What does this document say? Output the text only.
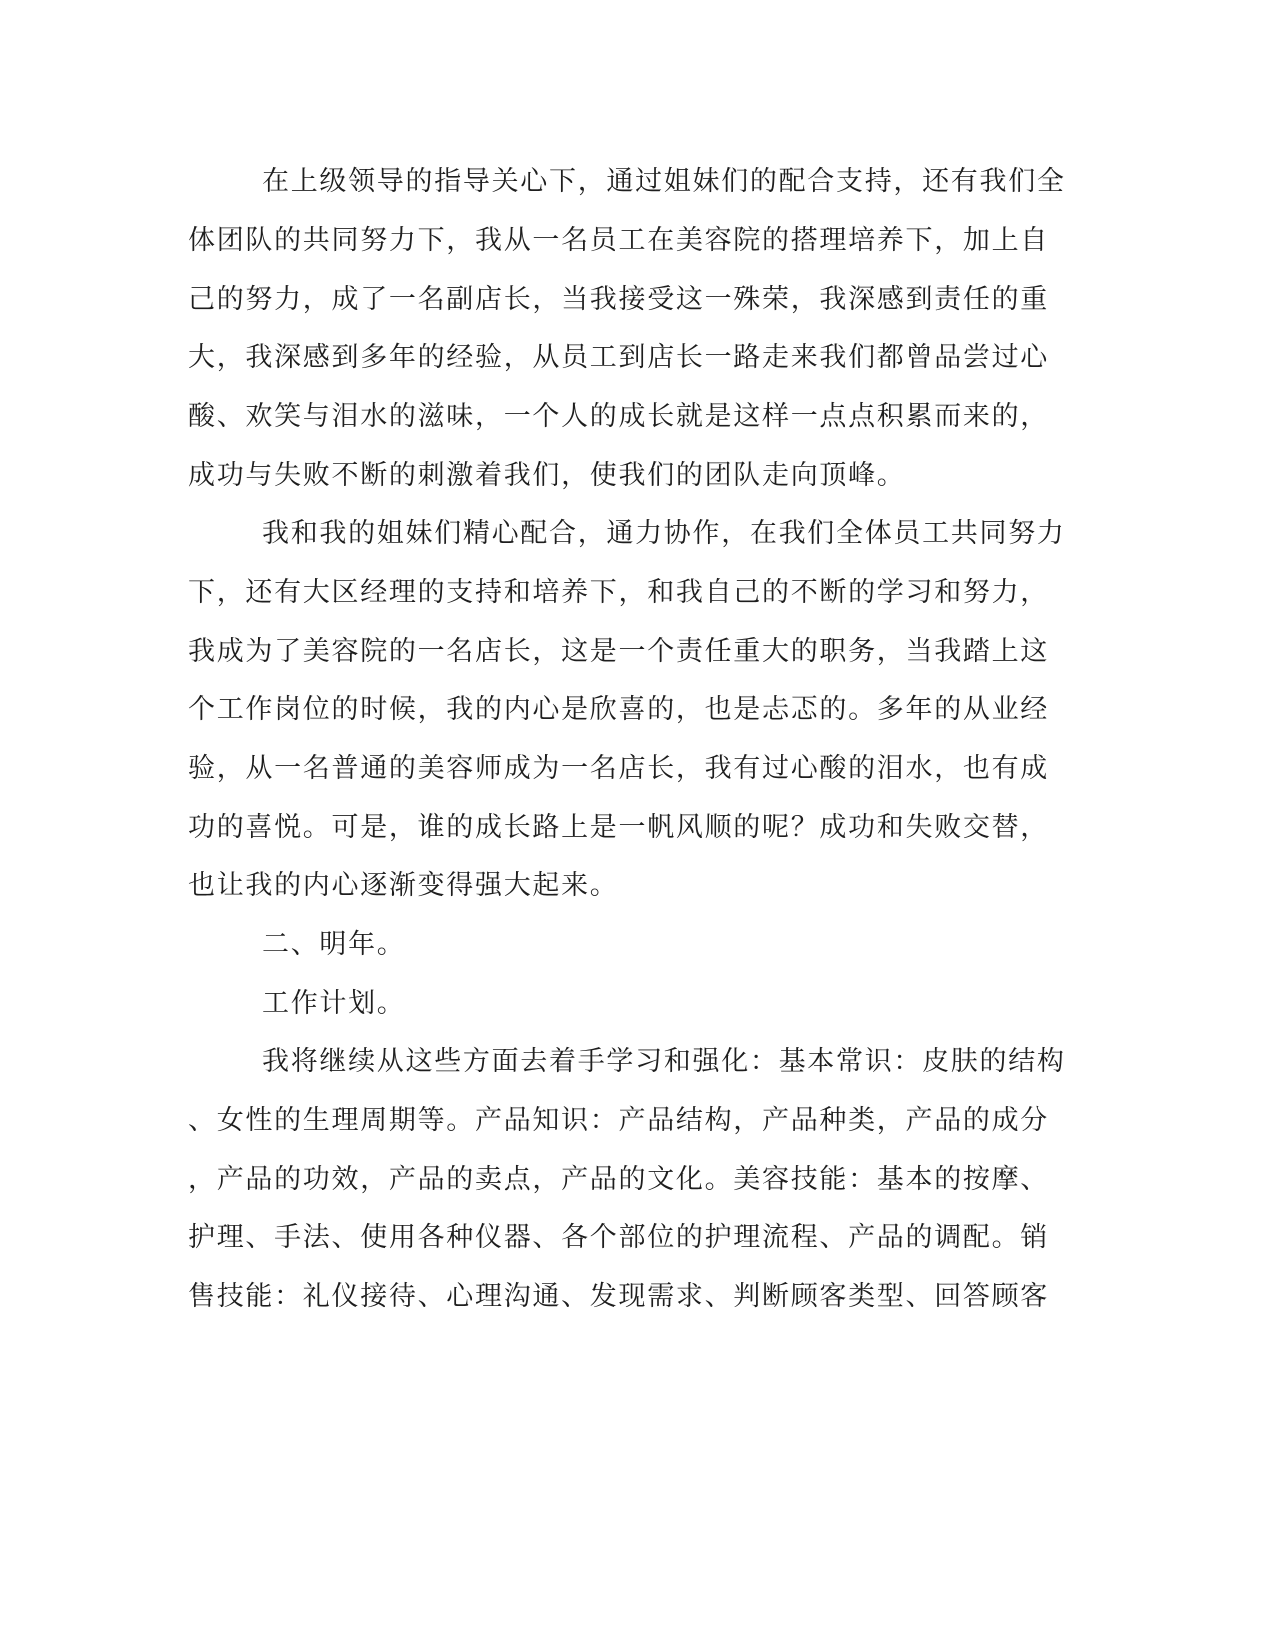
在上级领导的指导关心下，通过姐妹们的配合支持，还有我们全
体团队的共同努力下，我从一名员工在美容院的搭理培养下，加上自
己的努力，成了一名副店长，当我接受这一殊荣，我深感到责任的重
大，我深感到多年的经验，从员工到店长一路走来我们都曾品尝过心
酸、欢笑与泪水的滋味，一个人的成长就是这样一点点积累而来的，
成功与失败不断的刺激着我们，使我们的团队走向顶峰。
我和我的姐妹们精心配合，通力协作，在我们全体员工共同努力
下，还有大区经理的支持和培养下，和我自己的不断的学习和努力，
我成为了美容院的一名店长，这是一个责任重大的职务，当我踏上这
个工作岗位的时候，我的内心是欣喜的，也是忐忑的。多年的从业经
验，从一名普通的美容师成为一名店长，我有过心酸的泪水，也有成
功的喜悦。可是，谁的成长路上是一帆风顺的呢？成功和失败交替，
也让我的内心逐渐变得强大起来。
二、明年。
工作计划。
我将继续从这些方面去着手学习和强化：基本常识：皮肤的结构
、女性的生理周期等。产品知识：产品结构，产品种类，产品的成分
，产品的功效，产品的卖点，产品的文化。美容技能：基本的按摩、
护理、手法、使用各种仪器、各个部位的护理流程、产品的调配。销
售技能：礼仪接待、心理沟通、发现需求、判断顾客类型、回答顾客
